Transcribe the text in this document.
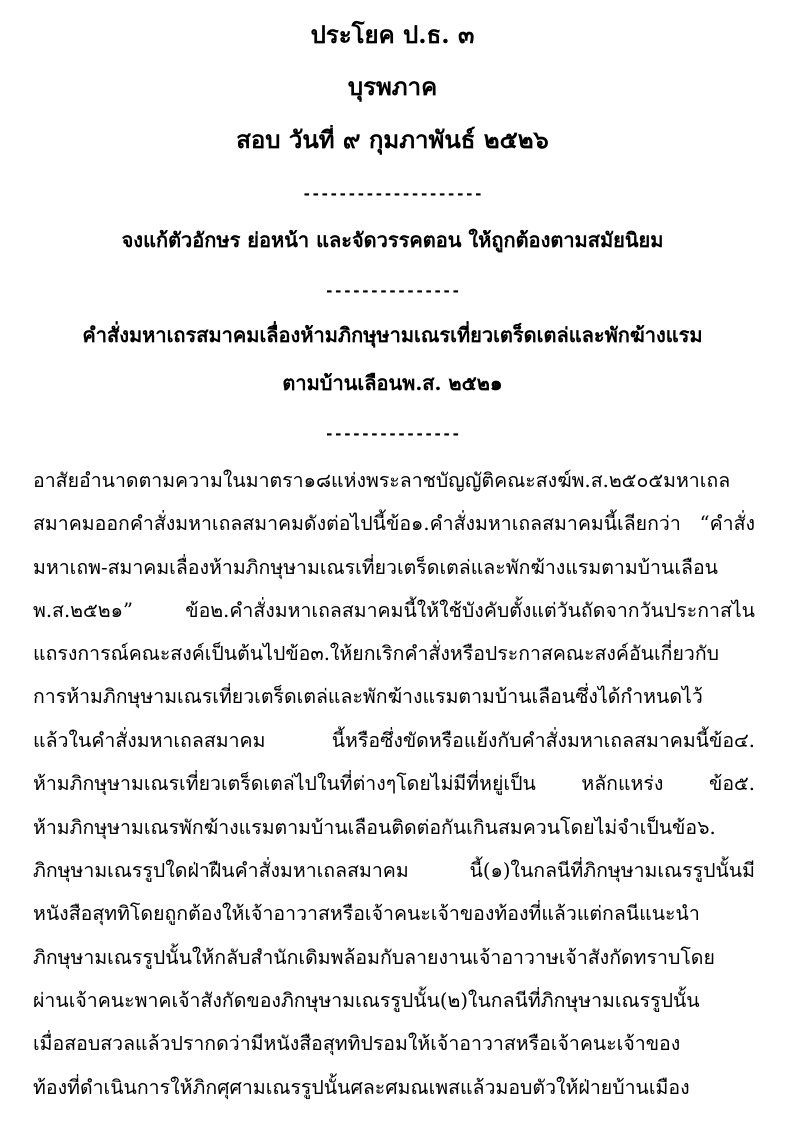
ประโยค ป.ธ. ๓
บุรพภาค
สอบ วันที่ ๙ กุมภาพันธ์ ๒๕๒๖
--------------------
จงแก้ตัวอักษร ย่อหน้า และจัดวรรคตอน ให้ถูกต้องตามสมัยนิยม
---------------
คำสั่งมหาเถรสมาคมเลื่องห้ามภิกษุษามเณรเที่ยวเตร็ดเตล่และพักฆ้างแรม
ตามบ้านเลือนพ.ส. ๒๕๒๑
---------------
อาสัยอำนาดตามความในมาตรา๑๘แห่งพระลาชบัญญัติคณะสงฆ์พ.ส.๒๕๐๕มหาเถล
สมาคมออกคำสั่งมหาเถลสมาคมดังต่อไปนี้ข้อ๑.คำสั่งมหาเถลสมาคมนี้เลียกว่า “คำสั่ง
มหาเถพ-สมาคมเลื่องห้ามภิกษุษามเณรเที่ยวเตร็ดเตล่และพักฆ้างแรมตามบ้านเลือน
พ.ส.๒๕๒๑” ข้อ๒.คำสั่งมหาเถลสมาคมนี้ให้ใช้บังคับตั้งแต่วันถัดจากวันประกาสไน
แถรงการณ์คณะสงค์เป็นต้นไปข้อ๓.ให้ยกเริกคำสั่งหรือประกาสคณะสงค์อันเกี่ยวกับ
การห้ามภิกษุษามเณรเที่ยวเตร็ดเตล่และพักฆ้างแรมตามบ้านเลือนซึ่งได้กำหนดไว้
แล้วในคำสั่งมหาเถลสมาคม นี้หรือซึ่งขัดหรือแย้งกับคำสั่งมหาเถลสมาคมนี้ข้อ๔.
ห้ามภิกษุษามเณรเที่ยวเตร็ดเตล่ไปในที่ต่างๆโดยไม่มีที่หยู่เป็น หลักแหร่ง ข้อ๕.
ห้ามภิกษุษามเณรพักฆ้างแรมตามบ้านเลือนติดต่อกันเกินสมควนโดยไม่จำเป็นข้อ๖.
ภิกษุษามเณรรูปใดฝ่าฝืนคำสั่งมหาเถลสมาคม นี้(๑)ในกลนีที่ภิกษุษามเณรรูปนั้นมี
หนังสือสุททิโดยถูกต้องให้เจ้าอาวาสหรือเจ้าคนะเจ้าของท้องที่แล้วแต่กลนีแนะนำ
ภิกษุษามเณรรูปนั้นให้กลับสำนักเดิมพล้อมกับลายงานเจ้าอาวาษเจ้าสังกัดทราบโดย
ผ่านเจ้าคนะพาคเจ้าสังกัดของภิกษุษามเณรรูปนั้น(๒)ในกลนีที่ภิกษุษามเณรรูปนั้น
เมื่อสอบสวลแล้วปรากดว่ามีหนังสือสุททิปรอมให้เจ้าอาวาสหรือเจ้าคนะเจ้าของ
ท้องที่ดำเนินการให้ภิกศุศามเณรรูปนั้นศละศมณเพสแล้วมอบตัวให้ฝ่ายบ้านเมือง
